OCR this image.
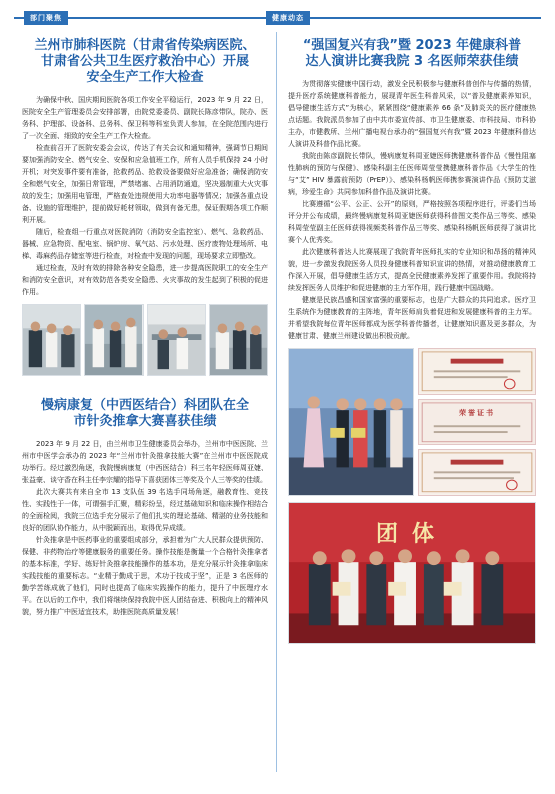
部门聚焦	健康动态
兰州市肺科医院（甘肃省传染病医院、
甘肃省公共卫生医疗救治中心）开展
安全生产工作大检查

为确保中秋、国庆期间医院各项工作安全平稳运行，2023 年 9 月 22 日，医院安全生产管理委员会安排部署，由院党委委员、副院长陈彦带队，院办、医务科、护理部、设备科、总务科、保卫科等科室负责人参加，在全院范围内进行了一次全面、细致的安全生产工作大检查。

检查前召开了医院安委会会议，传达了有关会议和通知精神，强调节日期间要加强消防安全、燃气安全、安保和应急值班工作，所有人员手机保持 24 小时开机；对突发事件要有准备，抢救药品、抢救设备要做好应急准备；确保消防安全和燃气安全，加强日常管理，严禁堵塞、占用消防通道，坚决遏制重大火灾事故的发生；加强用电管理，严格查处违规使用大功率电器等情况；加强各重点设备、设施的管理维护，提前做好耗材领取，做到有备无患，保证假期各项工作顺利开展。

随后，检查组一行重点对医院消防（消防安全监控室）、燃气、急救药品、器械、应急物资、配电室、锅炉房、氧气站、污水处理、医疗废物处理场所、电梯、毒麻药品存储室等进行检查，对检查中发现的问题，现场要求立即整改。

通过检查，及时有效的排除各种安全隐患，进一步提高医院职工的安全生产和消防安全意识，对有效防范各类安全隐患、火灾事故的发生起到了积极的促进作用。

慢病康复（中西医结合）科团队在全
市针灸推拿大赛喜获佳绩

2023 年 9 月 22 日，由兰州市卫生健康委员会举办，兰州市中医医院、兰州市中医学会承办的 2023 年“兰州市针灸推拿技能大赛”在兰州市中医医院成功举行。经过激烈角逐，我院慢病康复（中西医结合）科三名年轻医师周亚婕、张益豪、谈守香在科主任李宗耀的指导下喜获团体三等奖及个人三等奖的佳绩。

此次大赛共有来自全市 13 支队伍 39 名选手同场角逐，融教育性、竞技性、实践性于一体，可谓强手汇聚，精彩纷呈，经过基础知识和临床操作相结合的全面检阅，我院三位选手充分展示了他们扎实的理论基础、精湛的业务技能和良好的团队协作能力，从中脱颖而出，取得优异成绩。

针灸推拿是中医药事业的重要组成部分，承担着为广大人民群众提供预防、保健、非药物治疗等健康服务的重要任务。操作技能是衡量一个合格针灸推拿者的基本标准，学好、练好针灸推拿技能操作的基本功，是充分展示针灸推拿临床实践技能的重要标志。“业精于勤成于思，术功于技成于坚”，正是 3 名医师的勤学苦练成就了他们，同时也提高了临床实践操作的能力，提升了中医理疗水平。在以后的工作中，我们将继续保持我院中医人团结奋进、积极向上的精神风貌，努力推广中医适宜技术，助推医院高质量发展！

“强国复兴有我”暨 2023 年健康科普
达人演讲比赛我院 3 名医师荣获佳绩

为贯彻落实健康中国行动，激发全民积极参与健康科普创作与传播的热情，提升医疗系统健康科普能力，展现青年医生科普风采，以“普及健康素养知识，倡导健康生活方式”为核心，紧紧围绕“健康素养 66 条”及肺炎关的医疗健康热点话题。我院派员参加了由中共市委宣传部、市卫生健康委、市科技局、市科协主办，市健教所、兰州广播电视台承办的“强国复兴有我”暨 2023 年健康科普达人演讲及科普作品比赛。

我院由陈彦副院长带队，慢病康复科周亚婕医师携健康科普作品《慢性阻塞性肺病的预防与保健》、感染科副主任医师周莹莹携健康科普作品《大学生的性与“艾” HIV 暴露前预防（PrEP）》、感染科杨帆医师携参赛演讲作品《预防艾滋病，珍爱生命》共同参加科普作品及演讲比赛。

比赛遵循“公平、公正、公开”的原则，严格按照各项程序进行，评委们当场评分并公布成绩，最终慢病康复科周亚婕医师获得科普图文类作品三等奖、感染科周莹莹副主任医师获得视频类科普作品三等奖、感染科杨帆医师获得了演讲比赛个人优秀奖。

此次健康科普达人比赛展现了我院青年医师扎实的专业知识和昂扬的精神风貌，进一步激发我院医务人员投身健康科普知识宣讲的热情，对推动健康教育工作深入开展，倡导健康生活方式，提高全民健康素养发挥了重要作用。我院将持续发挥医务人员维护和促进健康的主力军作用，践行健康中国战略。

健康是民族昌盛和国家富强的重要标志，也是广大群众的共同追求。医疗卫生系统作为健康教育的主阵地，青年医师肩负着促进和发展健康科普的主力军。并希望我院每位青年医师都成为医学科普传播者，让健康知识惠及更多群众，为健康甘肃、健康兰州建设做出积极贡献。

荣誉证书
团体
